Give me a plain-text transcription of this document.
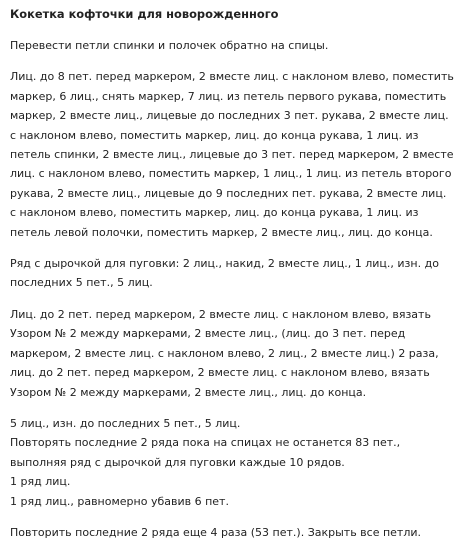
Кокетка кофточки для новорожденного
Перевести петли спинки и полочек обратно на спицы.
Лиц. до 8 пет. перед маркером, 2 вместе лиц. с наклоном влево, поместить
маркер, 6 лиц., снять маркер, 7 лиц. из петель первого рукава, поместить
маркер, 2 вместе лиц., лицевые до последних 3 пет. рукава, 2 вместе лиц.
с наклоном влево, поместить маркер, лиц. до конца рукава, 1 лиц. из
петель спинки, 2 вместе лиц., лицевые до 3 пет. перед маркером, 2 вместе
лиц. с наклоном влево, поместить маркер, 1 лиц., 1 лиц. из петель второго
рукава, 2 вместе лиц., лицевые до 9 последних пет. рукава, 2 вместе лиц.
с наклоном влево, поместить маркер, лиц. до конца рукава, 1 лиц. из
петель левой полочки, поместить маркер, 2 вместе лиц., лиц. до конца.
Ряд с дырочкой для пуговки: 2 лиц., накид, 2 вместе лиц., 1 лиц., изн. до
последних 5 пет., 5 лиц.
Лиц. до 2 пет. перед маркером, 2 вместе лиц. с наклоном влево, вязать
Узором № 2 между маркерами, 2 вместе лиц., (лиц. до 3 пет. перед
маркером, 2 вместе лиц. с наклоном влево, 2 лиц., 2 вместе лиц.) 2 раза,
лиц. до 2 пет. перед маркером, 2 вместе лиц. с наклоном влево, вязать
Узором № 2 между маркерами, 2 вместе лиц., лиц. до конца.
5 лиц., изн. до последних 5 пет., 5 лиц.
Повторять последние 2 ряда пока на спицах не останется 83 пет.,
выполняя ряд с дырочкой для пуговки каждые 10 рядов.
1 ряд лиц.
1 ряд лиц., равномерно убавив 6 пет.
Повторить последние 2 ряда еще 4 раза (53 пет.). Закрыть все петли.
